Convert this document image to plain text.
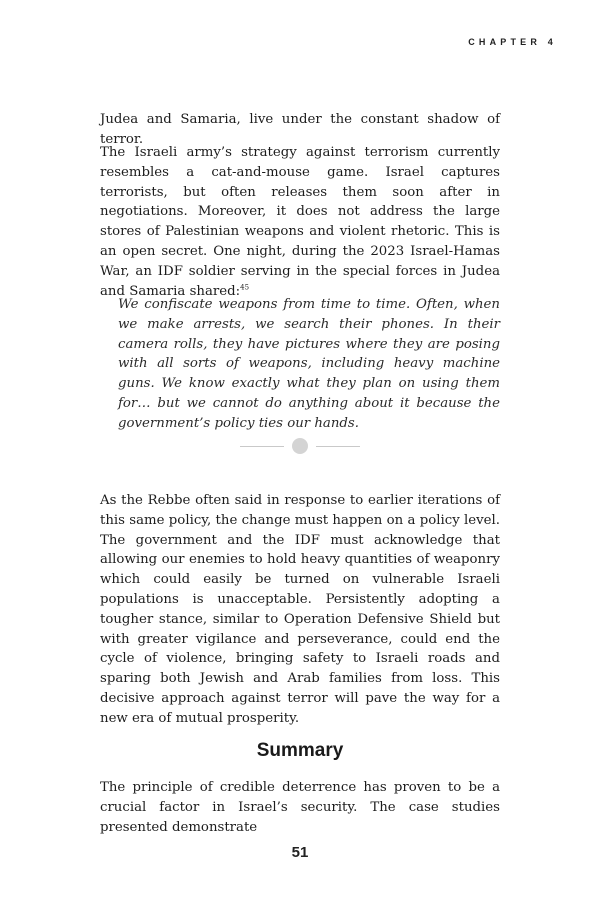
CHAPTER 4

Judea and Samaria, live under the constant shadow of terror.

The Israeli army’s strategy against terrorism currently resembles a cat-and-mouse game. Israel captures terrorists, but often releases them soon after in negotiations. Moreover, it does not address the large stores of Palestinian weapons and violent rhetoric. This is an open secret. One night, during the 2023 Israel-Hamas War, an IDF soldier serving in the special forces in Judea and Samaria shared:$^{45}$

We confiscate weapons from time to time. Often, when we make arrests, we search their phones. In their camera rolls, they have pictures where they are posing with all sorts of weapons, including heavy machine guns. We know exactly what they plan on using them for… but we cannot do anything about it because the government’s policy ties our hands.

As the Rebbe often said in response to earlier iterations of this same policy, the change must happen on a policy level. The government and the IDF must acknowledge that allowing our enemies to hold heavy quantities of weaponry which could easily be turned on vulnerable Israeli populations is unacceptable. Persistently adopting a tougher stance, similar to Operation Defensive Shield but with greater vigilance and perseverance, could end the cycle of violence, bringing safety to Israeli roads and sparing both Jewish and Arab families from loss. This decisive approach against terror will pave the way for a new era of mutual prosperity.

Summary

The principle of credible deterrence has proven to be a crucial factor in Israel’s security. The case studies presented demonstrate

51
